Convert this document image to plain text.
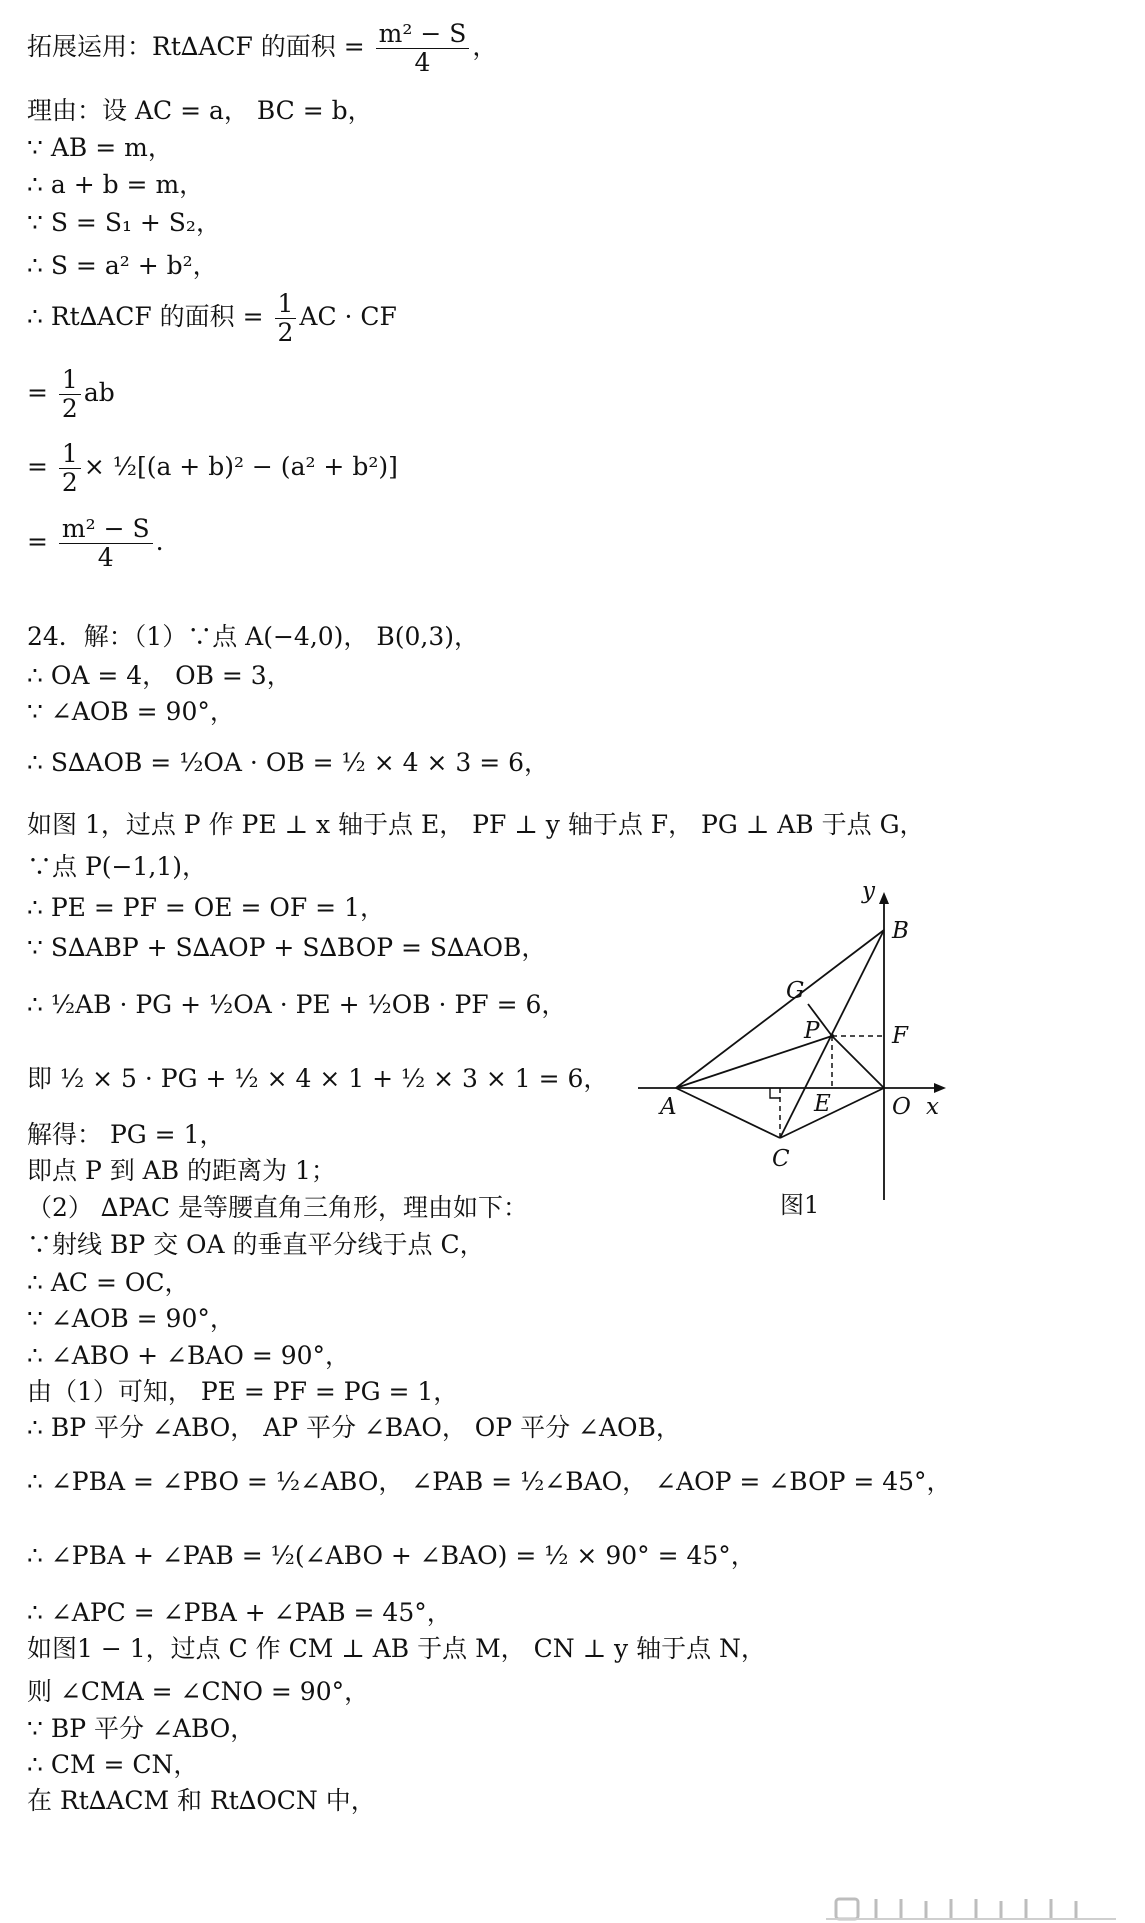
拓展运用：Rt∆ACF 的面积 = $\frac{\text{m² − S}}{4}$ ，
理由：设 AC = a， BC = b，
∵ AB = m，
∴ a + b = m，
∵ S = S₁ + S₂，
∴ S = a² + b²，
∴ Rt∆ACF 的面积 = $\frac{1}{2}$ AC · CF
= $\frac{1}{2}$ ab
= $\frac{1}{2}$ × ½[(a + b)² − (a² + b²)]
= $\frac{\text{m² − S}}{4}$ .
24．解：（1）∵点 A(−4,0)， B(0,3)，
∴ OA = 4， OB = 3，
∵ ∠AOB = 90°，
∴ S∆AOB = ½OA · OB = ½ × 4 × 3 = 6，
如图 1，过点 P 作 PE ⊥ x 轴于点 E， PF ⊥ y 轴于点 F， PG ⊥ AB 于点 G，
∵点 P(−1,1)，
∴ PE = PF = OE = OF = 1，
∵ S∆ABP + S∆AOP + S∆BOP = S∆AOB，
∴ ½AB · PG + ½OA · PE + ½OB · PF = 6，
即 ½ × 5 · PG + ½ × 4 × 1 + ½ × 3 × 1 = 6，
解得： PG = 1，
即点 P 到 AB 的距离为 1；
（2） ∆PAC 是等腰直角三角形，理由如下：
∵射线 BP 交 OA 的垂直平分线于点 C，
∴ AC = OC，
∵ ∠AOB = 90°，
∴ ∠ABO + ∠BAO = 90°，
由（1）可知， PE = PF = PG = 1，
∴ BP 平分 ∠ABO， AP 平分 ∠BAO， OP 平分 ∠AOB，
∴ ∠PBA = ∠PBO = ½∠ABO， ∠PAB = ½∠BAO， ∠AOP = ∠BOP = 45°，
∴ ∠PBA + ∠PAB = ½(∠ABO + ∠BAO) = ½ × 90° = 45°，
∴ ∠APC = ∠PBA + ∠PAB = 45°，
如图1 − 1，过点 C 作 CM ⊥ AB 于点 M， CN ⊥ y 轴于点 N，
则 ∠CMA = ∠CNO = 90°，
∵ BP 平分 ∠ABO，
∴ CM = CN，
在 Rt∆ACM 和 Rt∆OCN 中，
y
B
G
P	F
A	E	O x
C
图1
